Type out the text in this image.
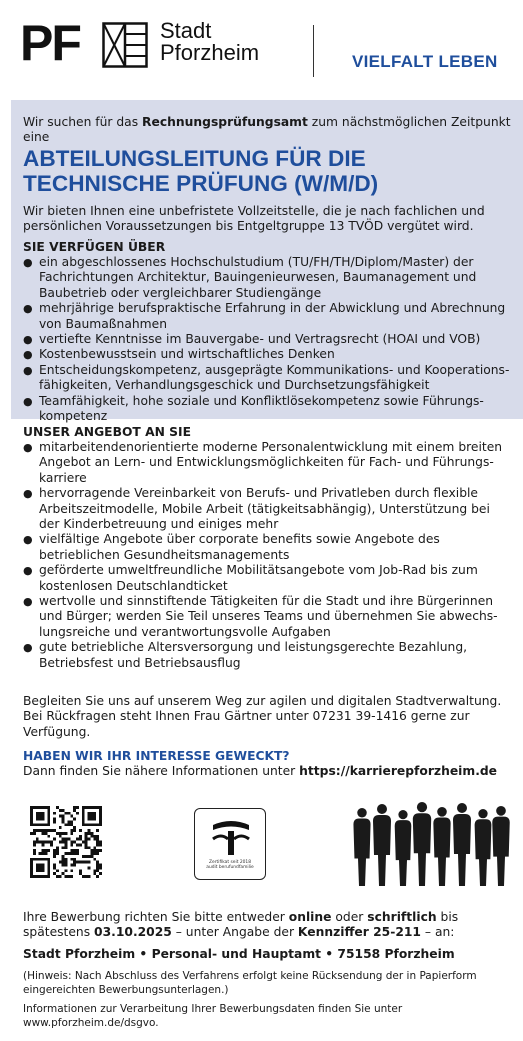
PF	Stadt
Pforzheim	VIELFALT LEBEN
Wir suchen für das Rechnungsprüfungsamt zum nächstmöglichen Zeitpunkt
eine
ABTEILUNGSLEITUNG FÜR DIE
TECHNISCHE PRÜFUNG (W/M/D)
Wir bieten Ihnen eine unbefristete Vollzeitstelle, die je nach fachlichen und
persönlichen Voraussetzungen bis Entgeltgruppe 13 TVÖD vergütet wird.
SIE VERFÜGEN ÜBER
● ein abgeschlossenes Hochschulstudium (TU/FH/TH/Diplom/Master) der
Fachrichtungen Architektur, Bauingenieurwesen, Baumanagement und
Baubetrieb oder vergleichbarer Studiengänge
● mehrjährige berufspraktische Erfahrung in der Abwicklung und Abrechnung
von Baumaßnahmen
● vertiefte Kenntnisse im Bauvergabe- und Vertragsrecht (HOAI und VOB)
● Kostenbewusstsein und wirtschaftliches Denken
● Entscheidungskompetenz, ausgeprägte Kommunikations- und Kooperations-
fähigkeiten, Verhandlungsgeschick und Durchsetzungsfähigkeit
● Teamfähigkeit, hohe soziale und Konfliktlösekompetenz sowie Führungs-
kompetenz
UNSER ANGEBOT AN SIE
● mitarbeitendenorientierte moderne Personalentwicklung mit einem breiten
Angebot an Lern- und Entwicklungsmöglichkeiten für Fach- und Führungs-
karriere
● hervorragende Vereinbarkeit von Berufs- und Privatleben durch flexible
Arbeitszeitmodelle, Mobile Arbeit (tätigkeitsabhängig), Unterstützung bei
der Kinderbetreuung und einiges mehr
● vielfältige Angebote über corporate benefits sowie Angebote des
betrieblichen Gesundheitsmanagements
● geförderte umweltfreundliche Mobilitätsangebote vom Job-Rad bis zum
kostenlosen Deutschlandticket
● wertvolle und sinnstiftende Tätigkeiten für die Stadt und ihre Bürgerinnen
und Bürger; werden Sie Teil unseres Teams und übernehmen Sie abwechs-
lungsreiche und verantwortungsvolle Aufgaben
● gute betriebliche Altersversorgung und leistungsgerechte Bezahlung,
Betriebsfest und Betriebsausflug
Begleiten Sie uns auf unserem Weg zur agilen und digitalen Stadtverwaltung.
Bei Rückfragen steht Ihnen Frau Gärtner unter 07231 39-1416 gerne zur
Verfügung.
HABEN WIR IHR INTERESSE GEWECKT?
Dann finden Sie nähere Informationen unter https://karrierepforzheim.de
Zertifikat seit 2018
audit berufundfamilie
Ihre Bewerbung richten Sie bitte entweder online oder schriftlich bis
spätestens 03.10.2025 – unter Angabe der Kennziffer 25-211 – an:
Stadt Pforzheim • Personal- und Hauptamt • 75158 Pforzheim
(Hinweis: Nach Abschluss des Verfahrens erfolgt keine Rücksendung der in Papierform
eingereichten Bewerbungsunterlagen.)
Informationen zur Verarbeitung Ihrer Bewerbungsdaten finden Sie unter
www.pforzheim.de/dsgvo.
